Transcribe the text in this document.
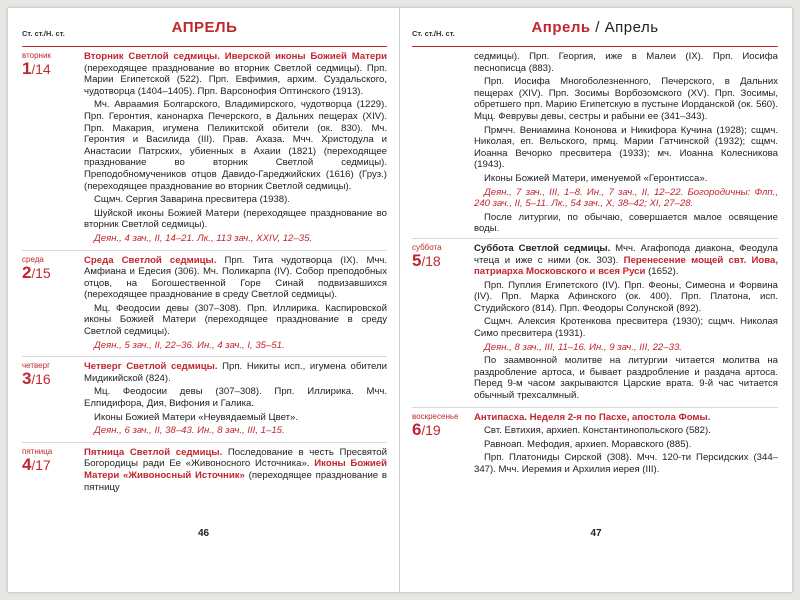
Ст. ст./Н. ст.	АПРЕЛЬ
вторник
1/14

Вторник Светлой седмицы. Иверской иконы Божией Матери (переходящее празднование во вторник Светлой седмицы). Прп. Марии Египетской (522). Прп. Евфимия, архим. Суздальского, чудотворца (1404–1405). Прп. Варсонофия Оптинского (1913).

Мч. Авраамия Болгарского, Владимирского, чудотворца (1229). Прп. Геронтия, канонарха Печерского, в Дальних пещерах (XIV). Прп. Макария, игумена Пеликитской обители (ок. 830). Мч. Геронтия и Василида (III). Прав. Ахаза. Мчч. Христодула и Анастасии Патрских, убиенных в Ахаии (1821) (переходящее празднование во вторник Светлой седмицы). Преподобномучеников отцов Давидо-Гареджийских (1616) (Груз.) (переходящее празднование во вторник Светлой седмицы).

Сщмч. Сергия Заварина пресвитера (1938).

Шуйской иконы Божией Матери (переходящее празднование во вторник Светлой седмицы).

Деян., 4 зач., II, 14–21. Лк., 113 зач., XXIV, 12–35.

среда
2/15

Среда Светлой седмицы. Прп. Тита чудотворца (IX). Мчч. Амфиана и Едесия (306). Мч. Поликарпа (IV). Собор преподобных отцов, на Богошественной Горе Синай подвизавшихся (переходящее празднование в среду Светлой седмицы).

Мц. Феодосии девы (307–308). Прп. Иллирика. Каспировской иконы Божией Матери (переходящее празднование в среду Светлой седмицы).

Деян., 5 зач., II, 22–36. Ин., 4 зач., I, 35–51.

четверг
3/16

Четверг Светлой седмицы. Прп. Никиты исп., игумена обители Мидикийской (824).

Мц. Феодосии девы (307–308). Прп. Иллирика. Мчч. Елпидифора, Дия, Вифония и Галика.

Иконы Божией Матери «Неувядаемый Цвет».

Деян., 6 зач., II, 38–43. Ин., 8 зач., III, 1–15.

пятница
4/17

Пятница Светлой седмицы. Последование в честь Пресвятой Богородицы ради Ее «Живоносного Источника». Иконы Божией Матери «Живоносный Источник» (переходящее празднование в пятницу

46
Ст. ст./Н. ст.	Апрель / Апрель

седмицы). Прп. Георгия, иже в Малеи (IX). Прп. Иосифа песнописца (883).

Прп. Иосифа Многоболезненного, Печерского, в Дальних пещерах (XIV). Прп. Зосимы Ворбозомского (XV). Прп. Зосимы, обретшего прп. Марию Египетскую в пустыне Иорданской (ок. 560). Мцц. Феврувы девы, сестры и рабыни ее (341–343).

Прмчч. Вениамина Кононова и Никифора Кучина (1928); сщмч. Николая, еп. Вельского, прмц. Марии Гатчинской (1932); сщмч. Иоанна Вечорко пресвитера (1933); мч. Иоанна Колесникова (1943).

Иконы Божией Матери, именуемой «Геронтисса».

Деян., 7 зач., III, 1–8. Ин., 7 зач., II, 12–22. Богородичны: Флп., 240 зач., II, 5–11. Лк., 54 зач., X, 38–42; XI, 27–28.

После литургии, по обычаю, совершается малое освящение воды.

суббота
5/18

Суббота Светлой седмицы. Мчч. Агафопода диакона, Феодула чтеца и иже с ними (ок. 303). Перенесение мощей свт. Иова, патриарха Московского и всея Руси (1652).

Прп. Пуплия Египетского (IV). Прп. Феоны, Симеона и Форвина (IV). Прп. Марка Афинского (ок. 400). Прп. Платона, исп. Студийского (814). Прп. Феодоры Солунской (892).

Сщмч. Алексия Кротенкова пресвитера (1930); сщмч. Николая Симо пресвитера (1931).

Деян., 8 зач., III, 11–16. Ин., 9 зач., III, 22–33.

По заамвонной молитве на литургии читается молитва на раздробление артоса, и бывает раздробление и раздача артоса. Перед 9-м часом закрываются Царские врата. 9-й час читается обычный трехсалмный.

воскресенье
6/19

Антипасха. Неделя 2-я по Пасхе, апостола Фомы.

Свт. Евтихия, архиеп. Константинопольского (582).

Равноап. Мефодия, архиеп. Моравского (885).

Прп. Платониды Сирской (308). Мчч. 120-ти Персидских (344–347). Мчч. Иеремия и Архилия иерея (III).

47
